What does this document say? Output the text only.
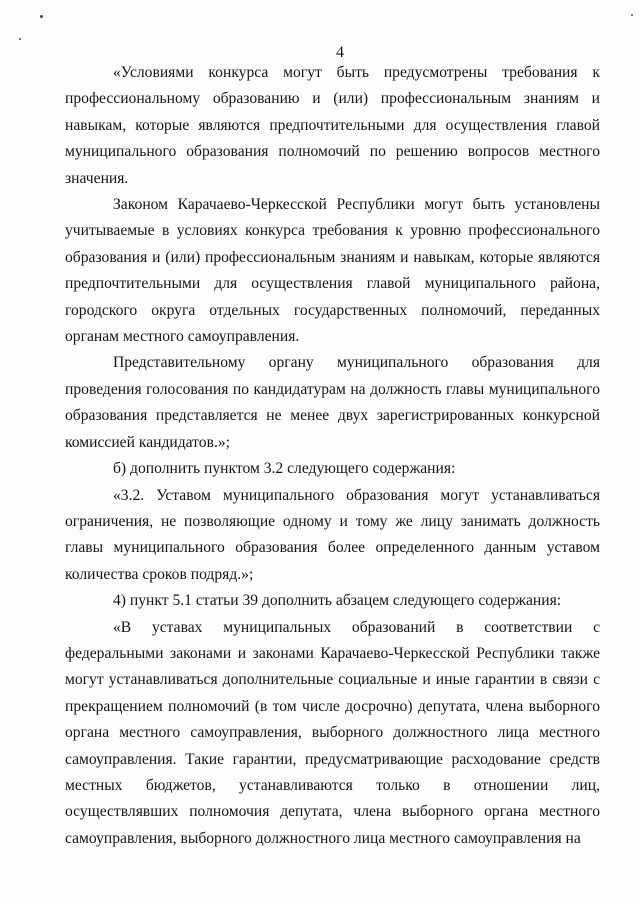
4

«Условиями конкурса могут быть предусмотрены требования к профессиональному образованию и (или) профессиональным знаниям и навыкам, которые являются предпочтительными для осуществления главой муниципального образования полномочий по решению вопросов местного значения.

Законом Карачаево-Черкесской Республики могут быть установлены учитываемые в условиях конкурса требования к уровню профессионального образования и (или) профессиональным знаниям и навыкам, которые являются предпочтительными для осуществления главой муниципального района, городского округа отдельных государственных полномочий, переданных органам местного самоуправления.

Представительному органу муниципального образования для проведения голосования по кандидатурам на должность главы муниципального образования представляется не менее двух зарегистрированных конкурсной комиссией кандидатов.»;

б) дополнить пунктом 3.2 следующего содержания:

«3.2. Уставом муниципального образования могут устанавливаться ограничения, не позволяющие одному и тому же лицу занимать должность главы муниципального образования более определенного данным уставом количества сроков подряд.»;

4) пункт 5.1 статьи 39 дополнить абзацем следующего содержания:

«В уставах муниципальных образований в соответствии с федеральными законами и законами Карачаево-Черкесской Республики также могут устанавливаться дополнительные социальные и иные гарантии в связи с прекращением полномочий (в том числе досрочно) депутата, члена выборного органа местного самоуправления, выборного должностного лица местного самоуправления. Такие гарантии, предусматривающие расходование средств местных бюджетов, устанавливаются только в отношении лиц, осуществлявших полномочия депутата, члена выборного органа местного самоуправления, выборного должностного лица местного самоуправления на
